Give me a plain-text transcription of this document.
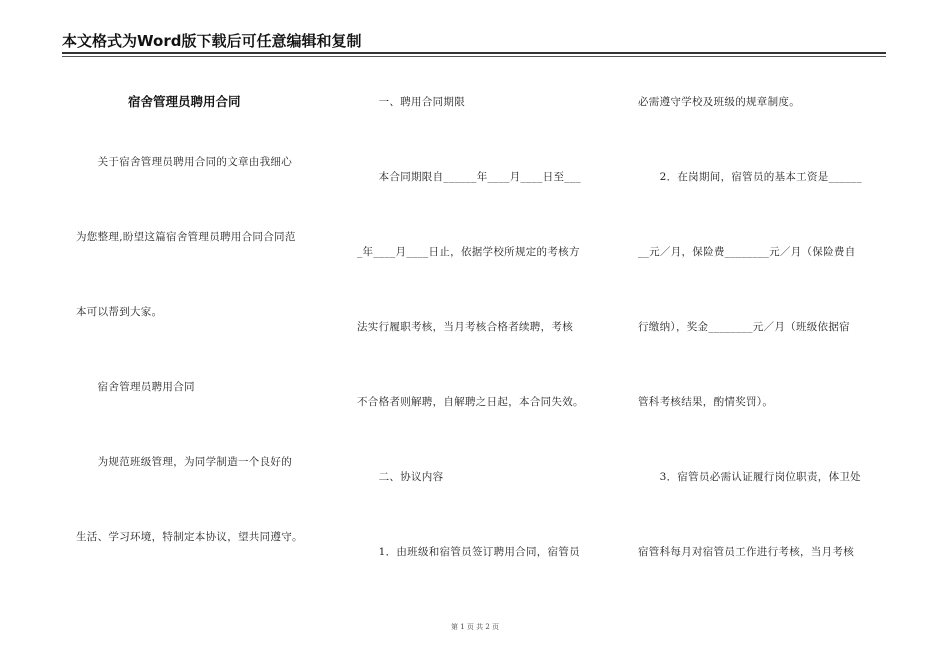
本文格式为Word版下载后可任意编辑和复制
宿舍管理员聘用合同
　　关于宿舍管理员聘用合同的文章由我细心
为您整理,盼望这篇宿舍管理员聘用合同合同范
本可以帮到大家。
　　宿舍管理员聘用合同
　　为规范班级管理，为同学制造一个良好的
生活、学习环境，特制定本协议，望共同遵守。
　　一、聘用合同期限
　　本合同期限自______年____月____日至___
_年____月____日止，依据学校所规定的考核方
法实行履职考核，当月考核合格者续聘，考核
不合格者则解聘，自解聘之日起，本合同失效。
　　二、协议内容
　　1．由班级和宿管员签订聘用合同，宿管员
必需遵守学校及班级的规章制度。
　　2．在岗期间，宿管员的基本工资是______
__元／月，保险费________元／月（保险费自
行缴纳），奖金________元／月（班级依据宿
管科考核结果，酌情奖罚）。
　　3．宿管员必需认证履行岗位职责，体卫处
宿管科每月对宿管员工作进行考核，当月考核
第 1 页 共 2 页
